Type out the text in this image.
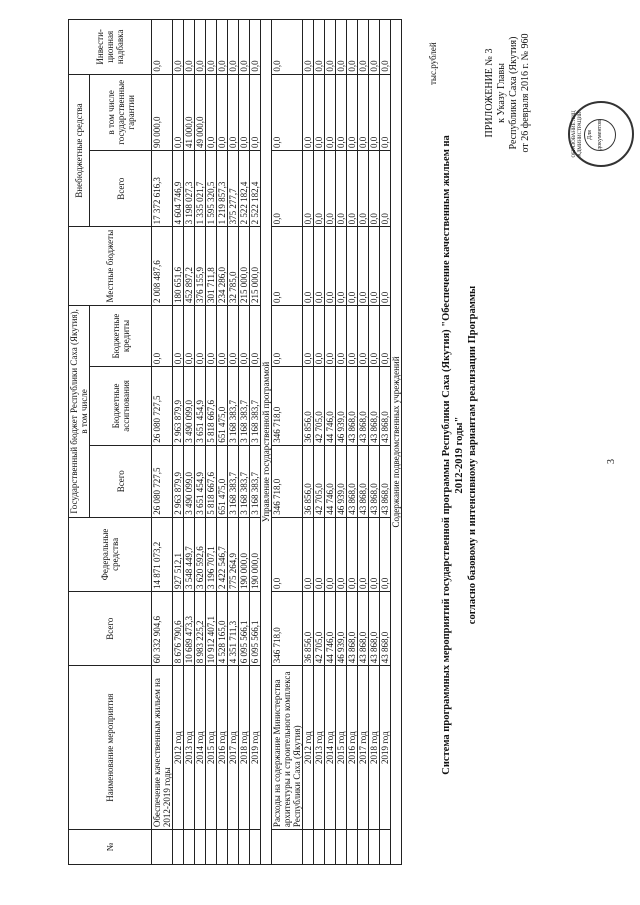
3
ОБРАЗОВАНИЕ ЛИЦ АДМИНИСТРАЦИИ Для документов
ПРИЛОЖЕНИЕ № 3 к Указу Главы Республики Саха (Якутия) от 26 февраля 2016 г. № 960
Система программных мероприятий государственной программы Республики Саха (Якутия) "Обеспечение качественным жильем на 2012-2019 годы" согласно базовому и интенсивному вариантам реализации Программы
тыс.рублей
№	Наименование мероприятия	Всего	Федеральные средства	Государственный бюджет Республики Саха (Якутия), в том числе			Местные бюджеты	Внебюджетные средства		Инвести- ционная надбавка
				Всего	Бюджетные ассигнования	Бюджетные кредиты		Всего	в том числе государственные гарантии	
	Обеспечение качественным жильем на 2012-2019 годы	60 332 904,6	14 871 073,2	26 080 727,5	26 080 727,5	0,0	2 008 487,6	17 372 616,3	90 000,0	0,0
	2012 год	8 676 790,6	927 512,1	2 963 879,9	2 963 879,9	0,0	180 651,6	4 604 746,9	0,0	0,0
	2013 год	10 689 473,3	3 548 449,7	3 490 099,0	3 490 099,0	0,0	452 897,2	3 198 027,3	41 000,0	0,0
	2014 год	8 983 225,2	3 620 592,6	3 651 454,9	3 651 454,9	0,0	376 155,9	1 335 021,7	49 000,0	0,0
	2015 год	10 912 407,1	3 196 707,1	5 818 667,6	5 818 667,6	0,0	301 711,8	1 595 320,5	0,0	0,0
	2016 год	4 528 165,0	2 422 546,7	651 475,0	651 475,0	0,0	234 286,0	1 219 857,3	0,0	0,0
	2017 год	4 351 711,3	775 264,9	3 168 383,7	3 168 383,7	0,0	32 785,0	375 277,7	0,0	0,0
	2018 год	6 095 566,1	190 000,0	3 168 383,7	3 168 383,7	0,0	215 000,0	2 522 182,4	0,0	0,0
	2019 год	6 095 566,1	190 000,0	3 168 383,7	3 168 383,7	0,0	215 000,0	2 522 182,4	0,0	0,0
Управление государственной программой										
	Расходы на содержание Министерства архитектуры и строительного комплекса Республики Саха (Якутия)	346 718,0	0,0	346 718,0	346 718,0	0,0	0,0	0,0	0,0	0,0
	2012 год	36 856,0	0,0	36 856,0	36 856,0	0,0	0,0	0,0	0,0	0,0
	2013 год	42 705,0	0,0	42 705,0	42 705,0	0,0	0,0	0,0	0,0	0,0
	2014 год	44 746,0	0,0	44 746,0	44 746,0	0,0	0,0	0,0	0,0	0,0
	2015 год	46 939,0	0,0	46 939,0	46 939,0	0,0	0,0	0,0	0,0	0,0
	2016 год	43 868,0	0,0	43 868,0	43 868,0	0,0	0,0	0,0	0,0	0,0
	2017 год	43 868,0	0,0	43 868,0	43 868,0	0,0	0,0	0,0	0,0	0,0
	2018 год	43 868,0	0,0	43 868,0	43 868,0	0,0	0,0	0,0	0,0	0,0
	2019 год	43 868,0	0,0	43 868,0	43 868,0	0,0	0,0	0,0	0,0	0,0
Содержание подведомственных учреждений										
